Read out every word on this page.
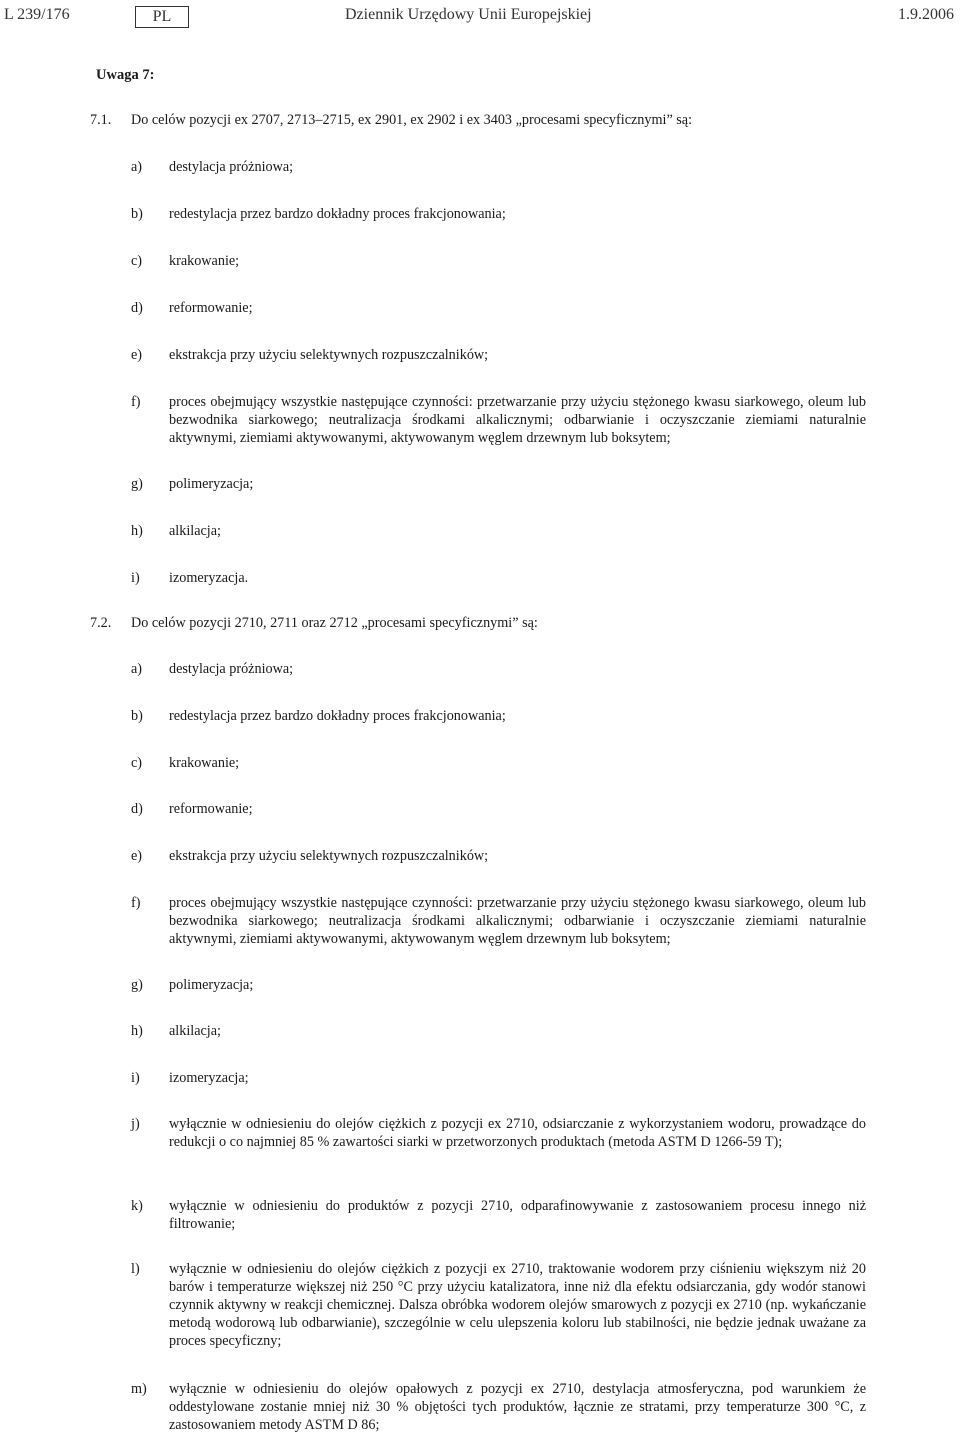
L 239/176	PL	Dziennik Urzędowy Unii Europejskiej	1.9.2006
Uwaga 7:
7.1. Do celów pozycji ex 2707, 2713–2715, ex 2901, ex 2902 i ex 3403 „procesami specyficznymi” są:
a) destylacja próżniowa;
b) redestylacja przez bardzo dokładny proces frakcjonowania;
c) krakowanie;
d) reformowanie;
e) ekstrakcja przy użyciu selektywnych rozpuszczalników;
f) proces obejmujący wszystkie następujące czynności: przetwarzanie przy użyciu stężonego kwasu siarkowego, oleum lub bezwodnika siarkowego; neutralizacja środkami alkalicznymi; odbarwianie i oczyszczanie ziemiami naturalnie aktywnymi, ziemiami aktywowanymi, aktywowanym węglem drzewnym lub boksytem;
g) polimeryzacja;
h) alkilacja;
i) izomeryzacja.
7.2. Do celów pozycji 2710, 2711 oraz 2712 „procesami specyficznymi” są:
a) destylacja próżniowa;
b) redestylacja przez bardzo dokładny proces frakcjonowania;
c) krakowanie;
d) reformowanie;
e) ekstrakcja przy użyciu selektywnych rozpuszczalników;
f) proces obejmujący wszystkie następujące czynności: przetwarzanie przy użyciu stężonego kwasu siarkowego, oleum lub bezwodnika siarkowego; neutralizacja środkami alkalicznymi; odbarwianie i oczyszczanie ziemiami naturalnie aktywnymi, ziemiami aktywowanymi, aktywowanym węglem drzewnym lub boksytem;
g) polimeryzacja;
h) alkilacja;
i) izomeryzacja;
j) wyłącznie w odniesieniu do olejów ciężkich z pozycji ex 2710, odsiarczanie z wykorzystaniem wodoru, prowadzące do redukcji o co najmniej 85 % zawartości siarki w przetworzonych produktach (metoda ASTM D 1266-59 T);
k) wyłącznie w odniesieniu do produktów z pozycji 2710, odparafinowywanie z zastosowaniem procesu innego niż filtrowanie;
l) wyłącznie w odniesieniu do olejów ciężkich z pozycji ex 2710, traktowanie wodorem przy ciśnieniu większym niż 20 barów i temperaturze większej niż 250 °C przy użyciu katalizatora, inne niż dla efektu odsiarczania, gdy wodór stanowi czynnik aktywny w reakcji chemicznej. Dalsza obróbka wodorem olejów smarowych z pozycji ex 2710 (np. wykańczanie metodą wodorową lub odbarwianie), szczególnie w celu ulepszenia koloru lub stabilności, nie będzie jednak uważane za proces specyficzny;
m) wyłącznie w odniesieniu do olejów opałowych z pozycji ex 2710, destylacja atmosferyczna, pod warunkiem że oddestylowane zostanie mniej niż 30 % objętości tych produktów, łącznie ze stratami, przy temperaturze 300 °C, z zastosowaniem metody ASTM D 86;
